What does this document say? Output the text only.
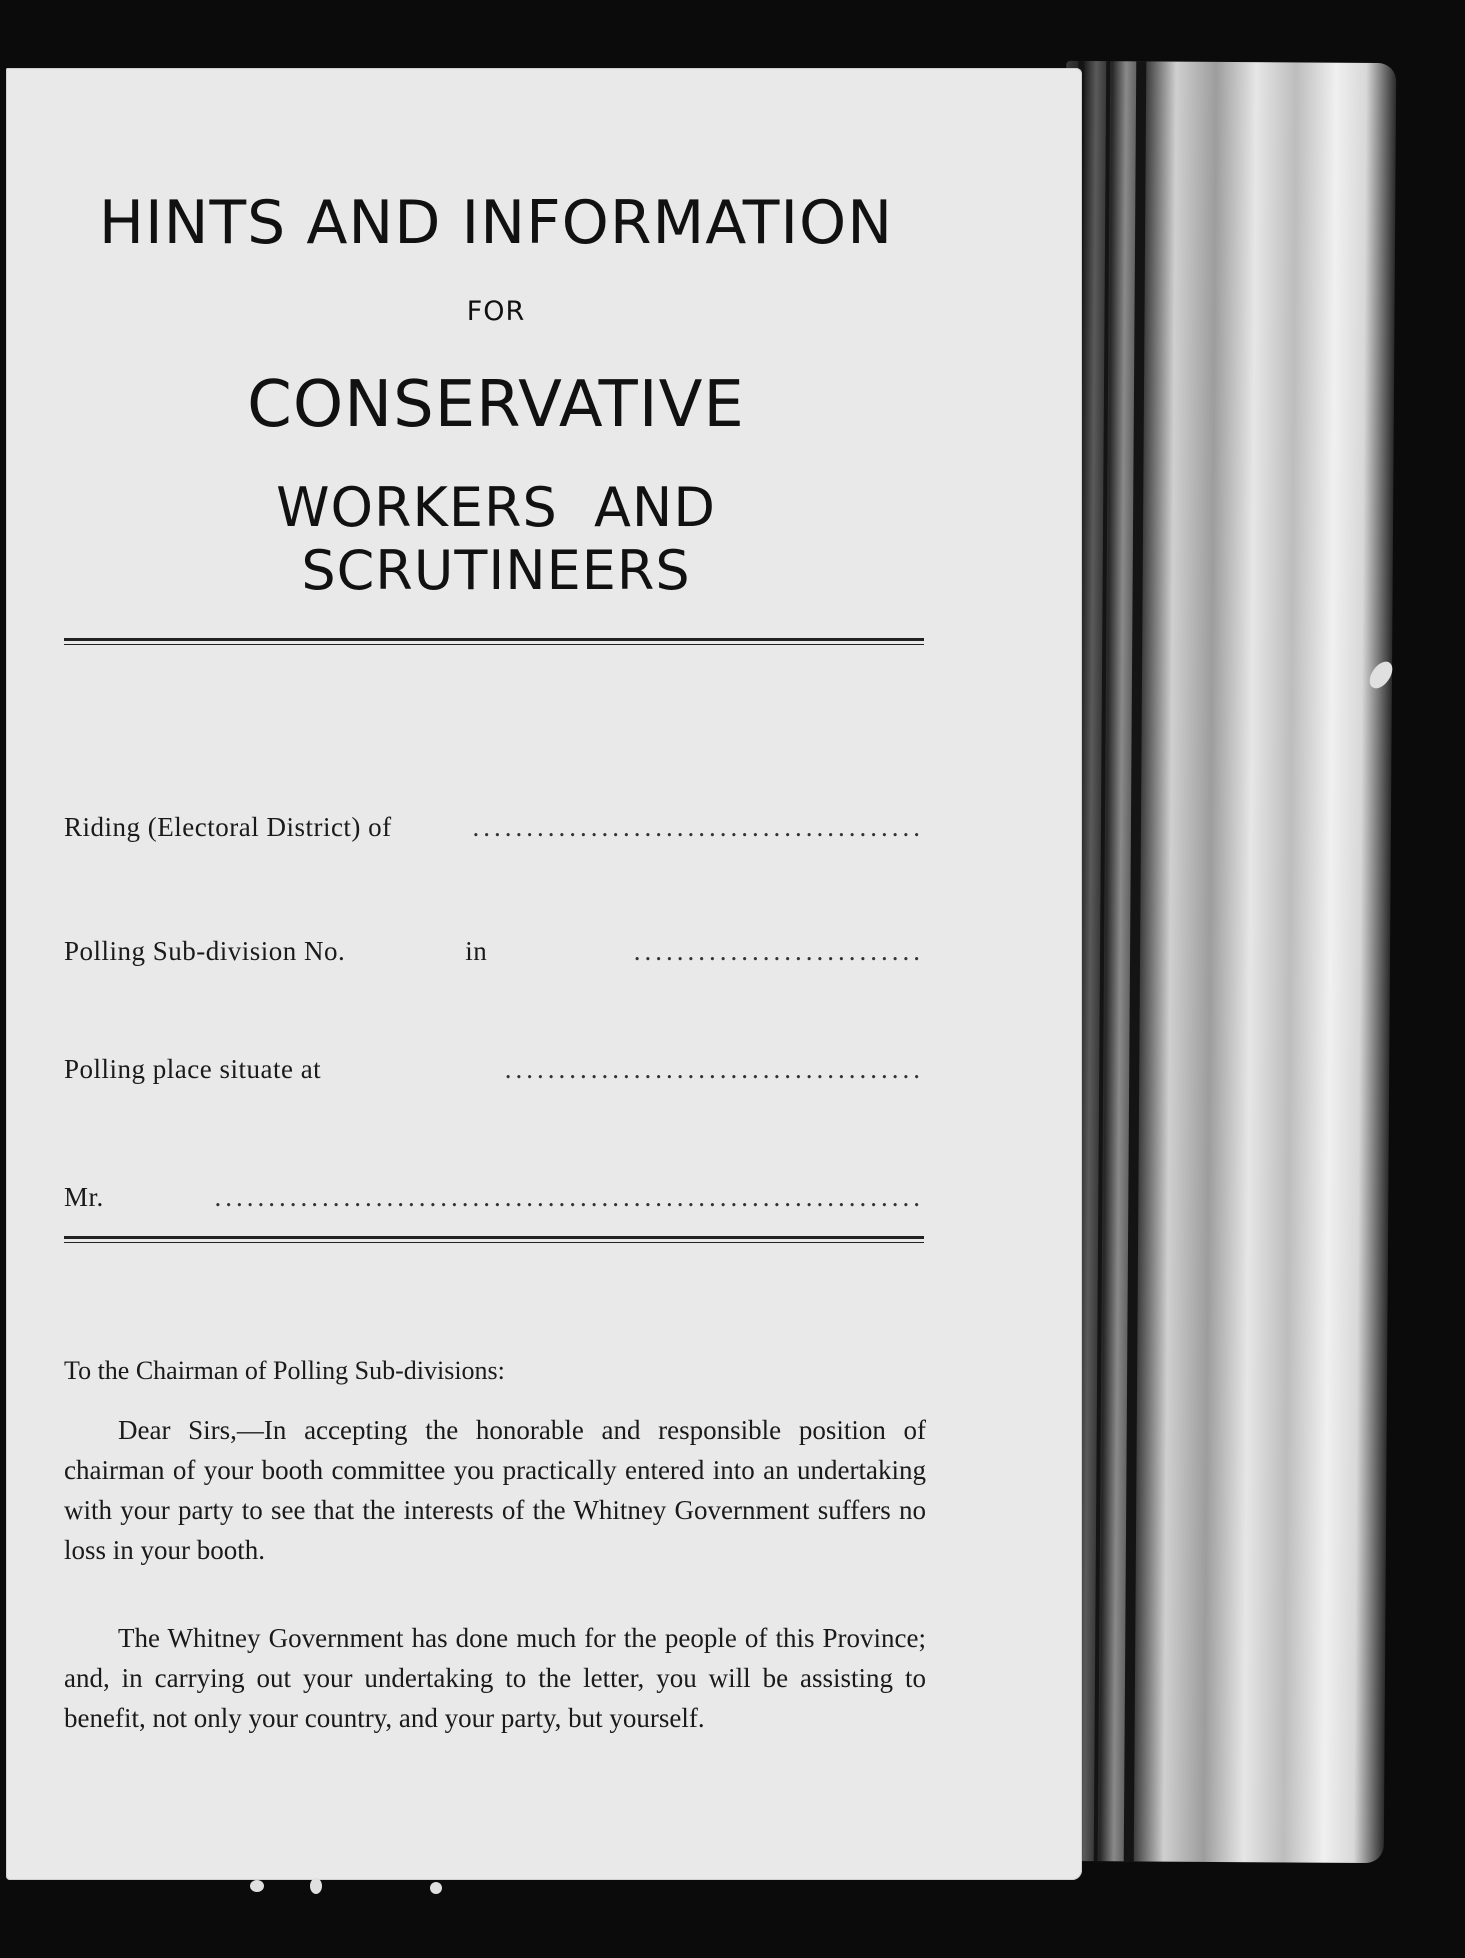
HINTS AND INFORMATION
FOR
CONSERVATIVE
WORKERS AND SCRUTINEERS
Riding (Electoral District) of	..........................................
Polling Sub-division No.	in	...........................
Polling place situate at	.......................................
Mr.	..................................................................
To the Chairman of Polling Sub-divisions:
Dear Sirs,—In accepting the honorable and responsible position of chairman of your booth committee you practically entered into an undertaking with your party to see that the interests of the Whitney Government suffers no loss in your booth.
The Whitney Government has done much for the people of this Province; and, in carrying out your undertaking to the letter, you will be assisting to benefit, not only your country, and your party, but yourself.
